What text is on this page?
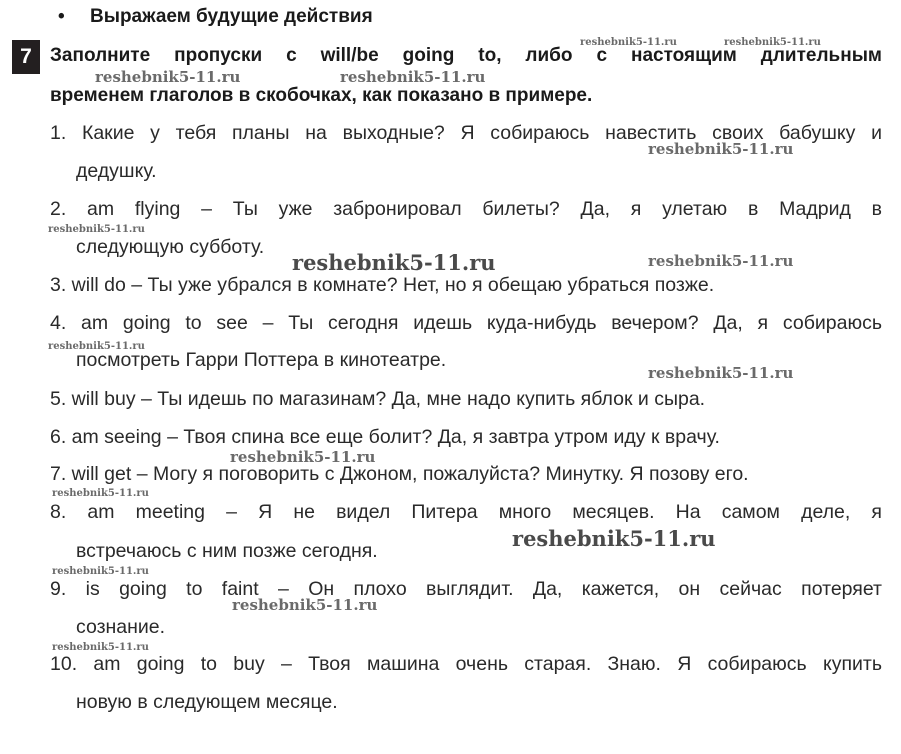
• Выражаем будущие действия
7 Заполните пропуски с will/be going to, либо с настоящим длительным
временем глаголов в скобочках, как показано в примере.
1. Какие у тебя планы на выходные? Я собираюсь навестить своих бабушку и
дедушку.
2. am flying – Ты уже забронировал билеты? Да, я улетаю в Мадрид в
следующую субботу.
3. will do – Ты уже убрался в комнате? Нет, но я обещаю убраться позже.
4. am going to see – Ты сегодня идешь куда-нибудь вечером? Да, я собираюсь
посмотреть Гарри Поттера в кинотеатре.
5. will buy – Ты идешь по магазинам? Да, мне надо купить яблок и сыра.
6. am seeing – Твоя спина все еще болит? Да, я завтра утром иду к врачу.
7. will get – Могу я поговорить с Джоном, пожалуйста? Минутку. Я позову его.
8. am meeting – Я не видел Питера много месяцев. На самом деле, я
встречаюсь с ним позже сегодня.
9. is going to faint – Он плохо выглядит. Да, кажется, он сейчас потеряет
сознание.
10. am going to buy – Твоя машина очень старая. Знаю. Я собираюсь купить
новую в следующем месяце.
reshebnik5-11.ru	reshebnik5-11.ru
reshebnik5-11.ru	reshebnik5-11.ru
reshebnik5-11.ru
reshebnik5-11.ru
reshebnik5-11.ru	reshebnik5-11.ru
reshebnik5-11.ru
reshebnik5-11.ru
reshebnik5-11.ru
reshebnik5-11.ru
reshebnik5-11.ru
reshebnik5-11.ru
reshebnik5-11.ru
reshebnik5-11.ru
